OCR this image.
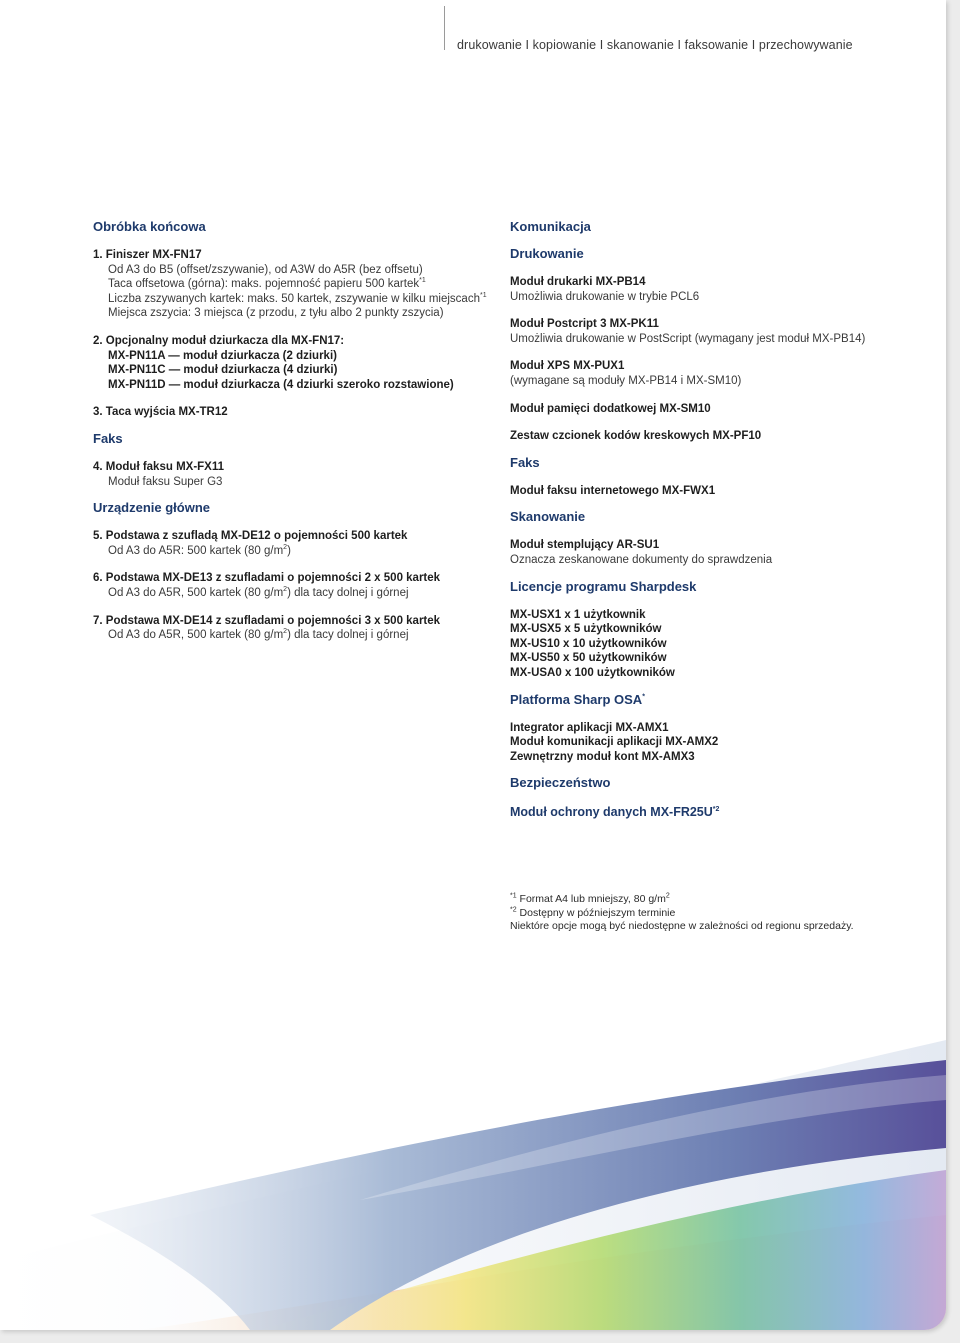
drukowanie I kopiowanie I skanowanie I faksowanie I przechowywanie
Obróbka końcowa
1. Finiszer MX-FN17
Od A3 do B5 (offset/zszywanie), od A3W do A5R (bez offsetu)
Taca offsetowa (górna): maks. pojemność papieru 500 kartek$^{*1}$
Liczba zszywanych kartek: maks. 50 kartek, zszywanie w kilku miejscach$^{*1}$
Miejsca zszycia: 3 miejsca (z przodu, z tyłu albo 2 punkty zszycia)
2. Opcjonalny moduł dziurkacza dla MX-FN17:
MX-PN11A — moduł dziurkacza (2 dziurki)
MX-PN11C — moduł dziurkacza (4 dziurki)
MX-PN11D — moduł dziurkacza (4 dziurki szeroko rozstawione)
3. Taca wyjścia MX-TR12
Faks
4. Moduł faksu MX-FX11
Moduł faksu Super G3
Urządzenie główne
5. Podstawa z szufladą MX-DE12 o pojemności 500 kartek
Od A3 do A5R: 500 kartek (80 $g/m^2$)
6. Podstawa MX-DE13 z szufladami o pojemności 2 x 500 kartek
Od A3 do A5R, 500 kartek (80 $g/m^2$) dla tacy dolnej i górnej
7. Podstawa MX-DE14 z szufladami o pojemności 3 x 500 kartek
Od A3 do A5R, 500 kartek (80 $g/m^2$) dla tacy dolnej i górnej
Komunikacja
Drukowanie
Moduł drukarki MX-PB14
Umożliwia drukowanie w trybie PCL6
Moduł Postcript 3 MX-PK11
Umożliwia drukowanie w PostScript (wymagany jest moduł MX-PB14)
Moduł XPS MX-PUX1
(wymagane są moduły MX-PB14 i MX-SM10)
Moduł pamięci dodatkowej MX-SM10
Zestaw czcionek kodów kreskowych MX-PF10
Faks
Moduł faksu internetowego MX-FWX1
Skanowanie
Moduł stemplujący AR-SU1
Oznacza zeskanowane dokumenty do sprawdzenia
Licencje programu Sharpdesk
MX-USX1 x 1 użytkownik
MX-USX5 x 5 użytkowników
MX-US10 x 10 użytkowników
MX-US50 x 50 użytkowników
MX-USA0 x 100 użytkowników
Platforma Sharp OSA*
Integrator aplikacji MX-AMX1
Moduł komunikacji aplikacji MX-AMX2
Zewnętrzny moduł kont MX-AMX3
Bezpieczeństwo
Moduł ochrony danych $MX-FR25U^{*2}$
$^{*1}$ Format A4 lub mniejszy, 80 $g/m^2$
$^{*2}$ Dostępny w późniejszym terminie
Niektóre opcje mogą być niedostępne w zależności od regionu sprzedaży.
